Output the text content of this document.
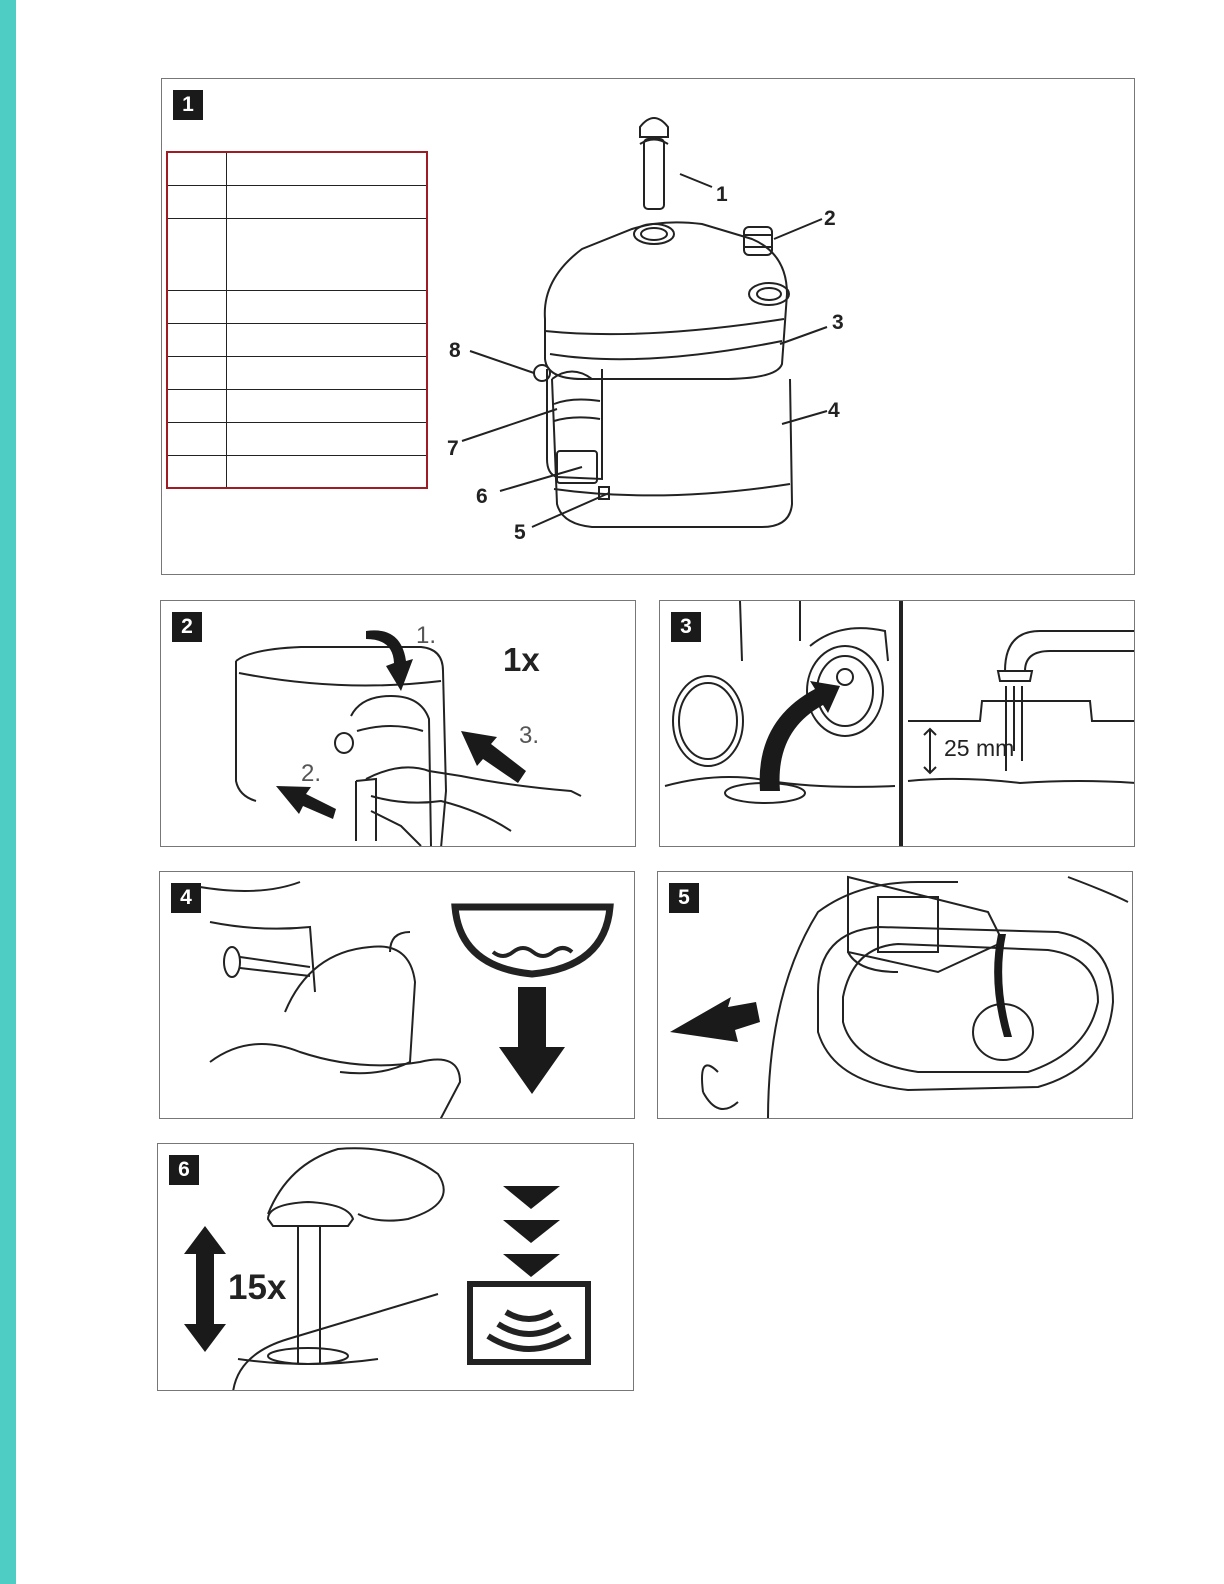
1

1
2
3
4
5
6
7
8
2	1.
2.
3.
1x
3
25 mm
4	5
6
15x
